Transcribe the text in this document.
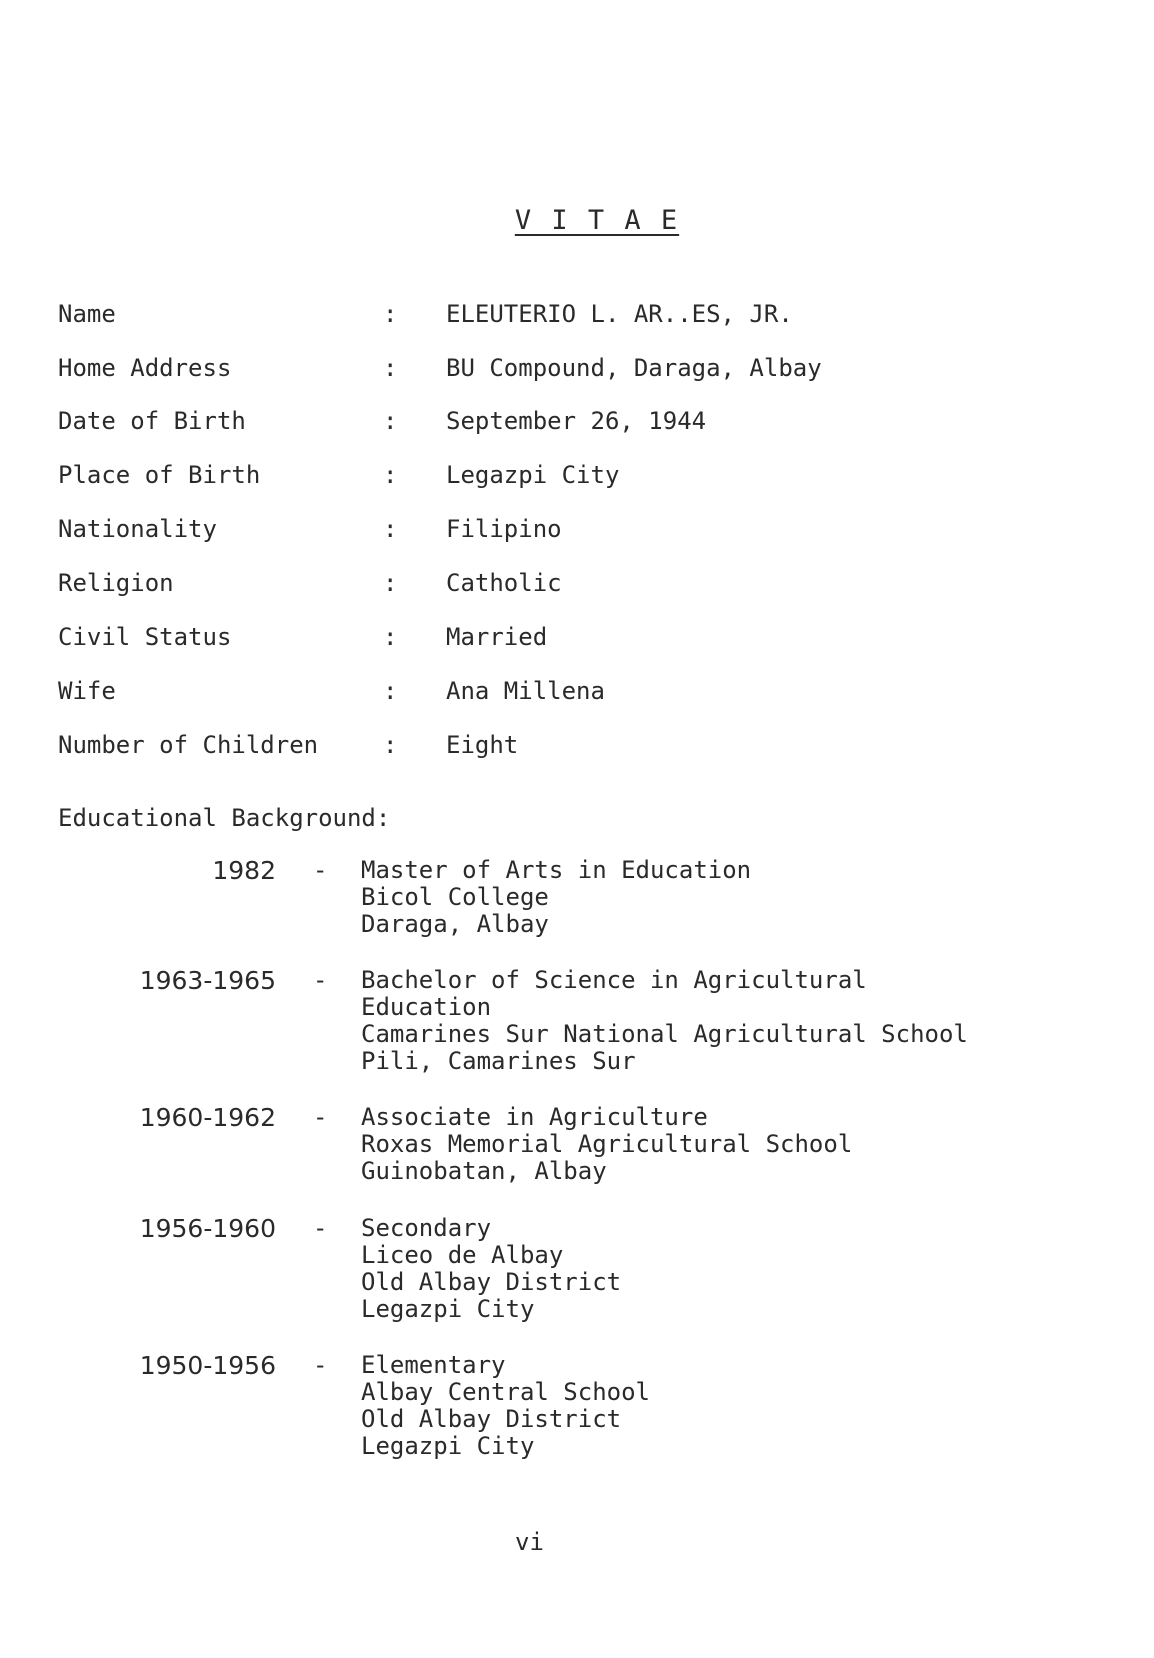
V I T A E
Name	: ELEUTERIO L. AR..ES, JR.
Home Address	: BU Compound, Daraga, Albay
Date of Birth	: September 26, 1944
Place of Birth	: Legazpi City
Nationality	: Filipino
Religion	: Catholic
Civil Status	: Married
Wife	: Ana Millena
Number of Children	: Eight
Educational Background:
1982 - Master of Arts in Education
Bicol College
Daraga, Albay
1963-1965 - Bachelor of Science in Agricultural
Education
Camarines Sur National Agricultural School
Pili, Camarines Sur
1960-1962 - Associate in Agriculture
Roxas Memorial Agricultural School
Guinobatan, Albay
1956-1960 - Secondary
Liceo de Albay
Old Albay District
Legazpi City
1950-1956 - Elementary
Albay Central School
Old Albay District
Legazpi City
vi
